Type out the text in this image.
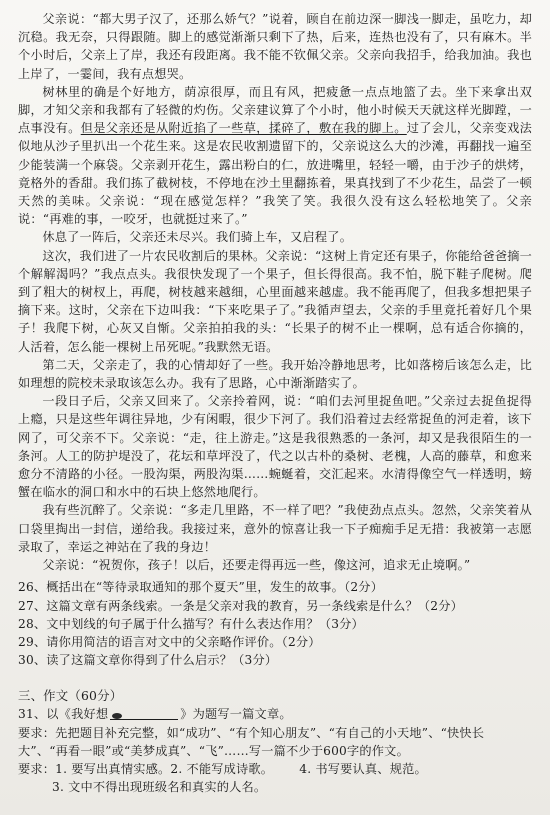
父亲说：“都大男子汉了，还那么娇气？”说着，顾自在前边深一脚浅一脚走，虽吃力，却沉稳。我无奈，只得跟随。脚上的感觉渐渐只剩下了热，后来，连热也没有了，只有麻木。半个小时后，父亲上了岸，我还有段距离。我不能不钦佩父亲。父亲向我招手，给我加油。我也上岸了，一霎间，我有点想哭。

树林里的确是个好地方，荫凉很厚，而且有风，把疲惫一点点地篮了去。坐下来拿出双脚，才知父亲和我都有了轻微的灼伤。父亲建议算了个小时，他小时候天天就这样光脚蹚，一点事没有。但是父亲还是从附近掐了一些草，揉碎了，敷在我的脚上。过了会儿，父亲变戏法似地从沙子里扒出一个花生来。这是农民收割遗留下的，父亲说这么大的沙滩，再翻找一遍至少能装满一个麻袋。父亲剥开花生，露出粉白的仁，放进嘴里，轻轻一嚼，由于沙子的烘烤，竟格外的香甜。我们拣了截树枝，不停地在沙土里翻拣着，果真找到了不少花生，品尝了一顿天然的美味。父亲说：“现在感觉怎样？”我笑了笑。我很久没有这么轻松地笑了。父亲说：“再难的事，一咬牙，也就挺过来了。”

休息了一阵后，父亲还未尽兴。我们骑上车，又启程了。

这次，我们进了一片农民收割后的果林。父亲说：“这树上肯定还有果子，你能给爸爸摘一个解解渴吗？”我点点头。我很快发现了一个果子，但长得很高。我不怕，脱下鞋子爬树。爬到了粗大的树杈上，再爬，树枝越来越细，心里面越来越虚。我不能再爬了，但我多想把果子摘下来。这时，父亲在下边叫我：“下来吃果子了。”我循声望去，父亲的手里竟托着好几个果子！我爬下树，心灰又自惭。父亲拍拍我的头：“长果子的树不止一棵啊，总有适合你摘的，人活着，怎么能一棵树上吊死呢。”我默然无语。

第二天，父亲走了，我的心情却好了一些。我开始冷静地思考，比如落榜后该怎么走，比如理想的院校未录取该怎么办。我有了思路，心中渐渐踏实了。

一段日子后，父亲又回来了。父亲拎着网，说：“咱们去河里捉鱼吧。”父亲过去捉鱼捉得上瘾，只是这些年调往异地，少有闲暇，很少下河了。我们沿着过去经常捉鱼的河走着，该下网了，可父亲不下。父亲说：“走，往上游走。”这是我很熟悉的一条河，却又是我很陌生的一条河。人工的防护堤没了，花坛和草坪没了，代之以古朴的桑树、老槐，人高的藤草，和愈来愈分不清路的小径。一股沟渠，两股沟渠……蜿蜒着，交汇起来。水清得像空气一样透明，螃蟹在临水的洞口和水中的石块上悠然地爬行。

我有些沉醉了。父亲说：“多走几里路，不一样了吧？”我使劲点点头。忽然，父亲笑着从口袋里掏出一封信，递给我。我接过来，意外的惊喜让我一下子痴痴手足无措：我被第一志愿录取了，幸运之神站在了我的身边！

父亲说：“祝贺你，孩子！以后，还要走得再远一些，像这河，追求无止境啊。”

26、概括出在“等待录取通知的那个夏天”里，发生的故事。（2分）

27、这篇文章有两条线索。一条是父亲对我的教育，另一条线索是什么？（2分）

28、文中划线的句子属于什么描写？有什么表达作用？（3分）

29、请你用简洁的语言对文中的父亲略作评价。（2分）

30、读了这篇文章你得到了什么启示？（3分）

三、作文（60分）

31、以《我好想	》为题写一篇文章。

要求：先把题目补充完整，如“成功”、“有个知心朋友”、“有自己的小天地”、“快快长大”、“再看一眼”或“美梦成真”、“飞”……写一篇不少于600字的作文。

要求：1. 要写出真情实感。2. 不能写成诗歌。 4. 书写要认真、规范。

3. 文中不得出现班级名和真实的人名。
